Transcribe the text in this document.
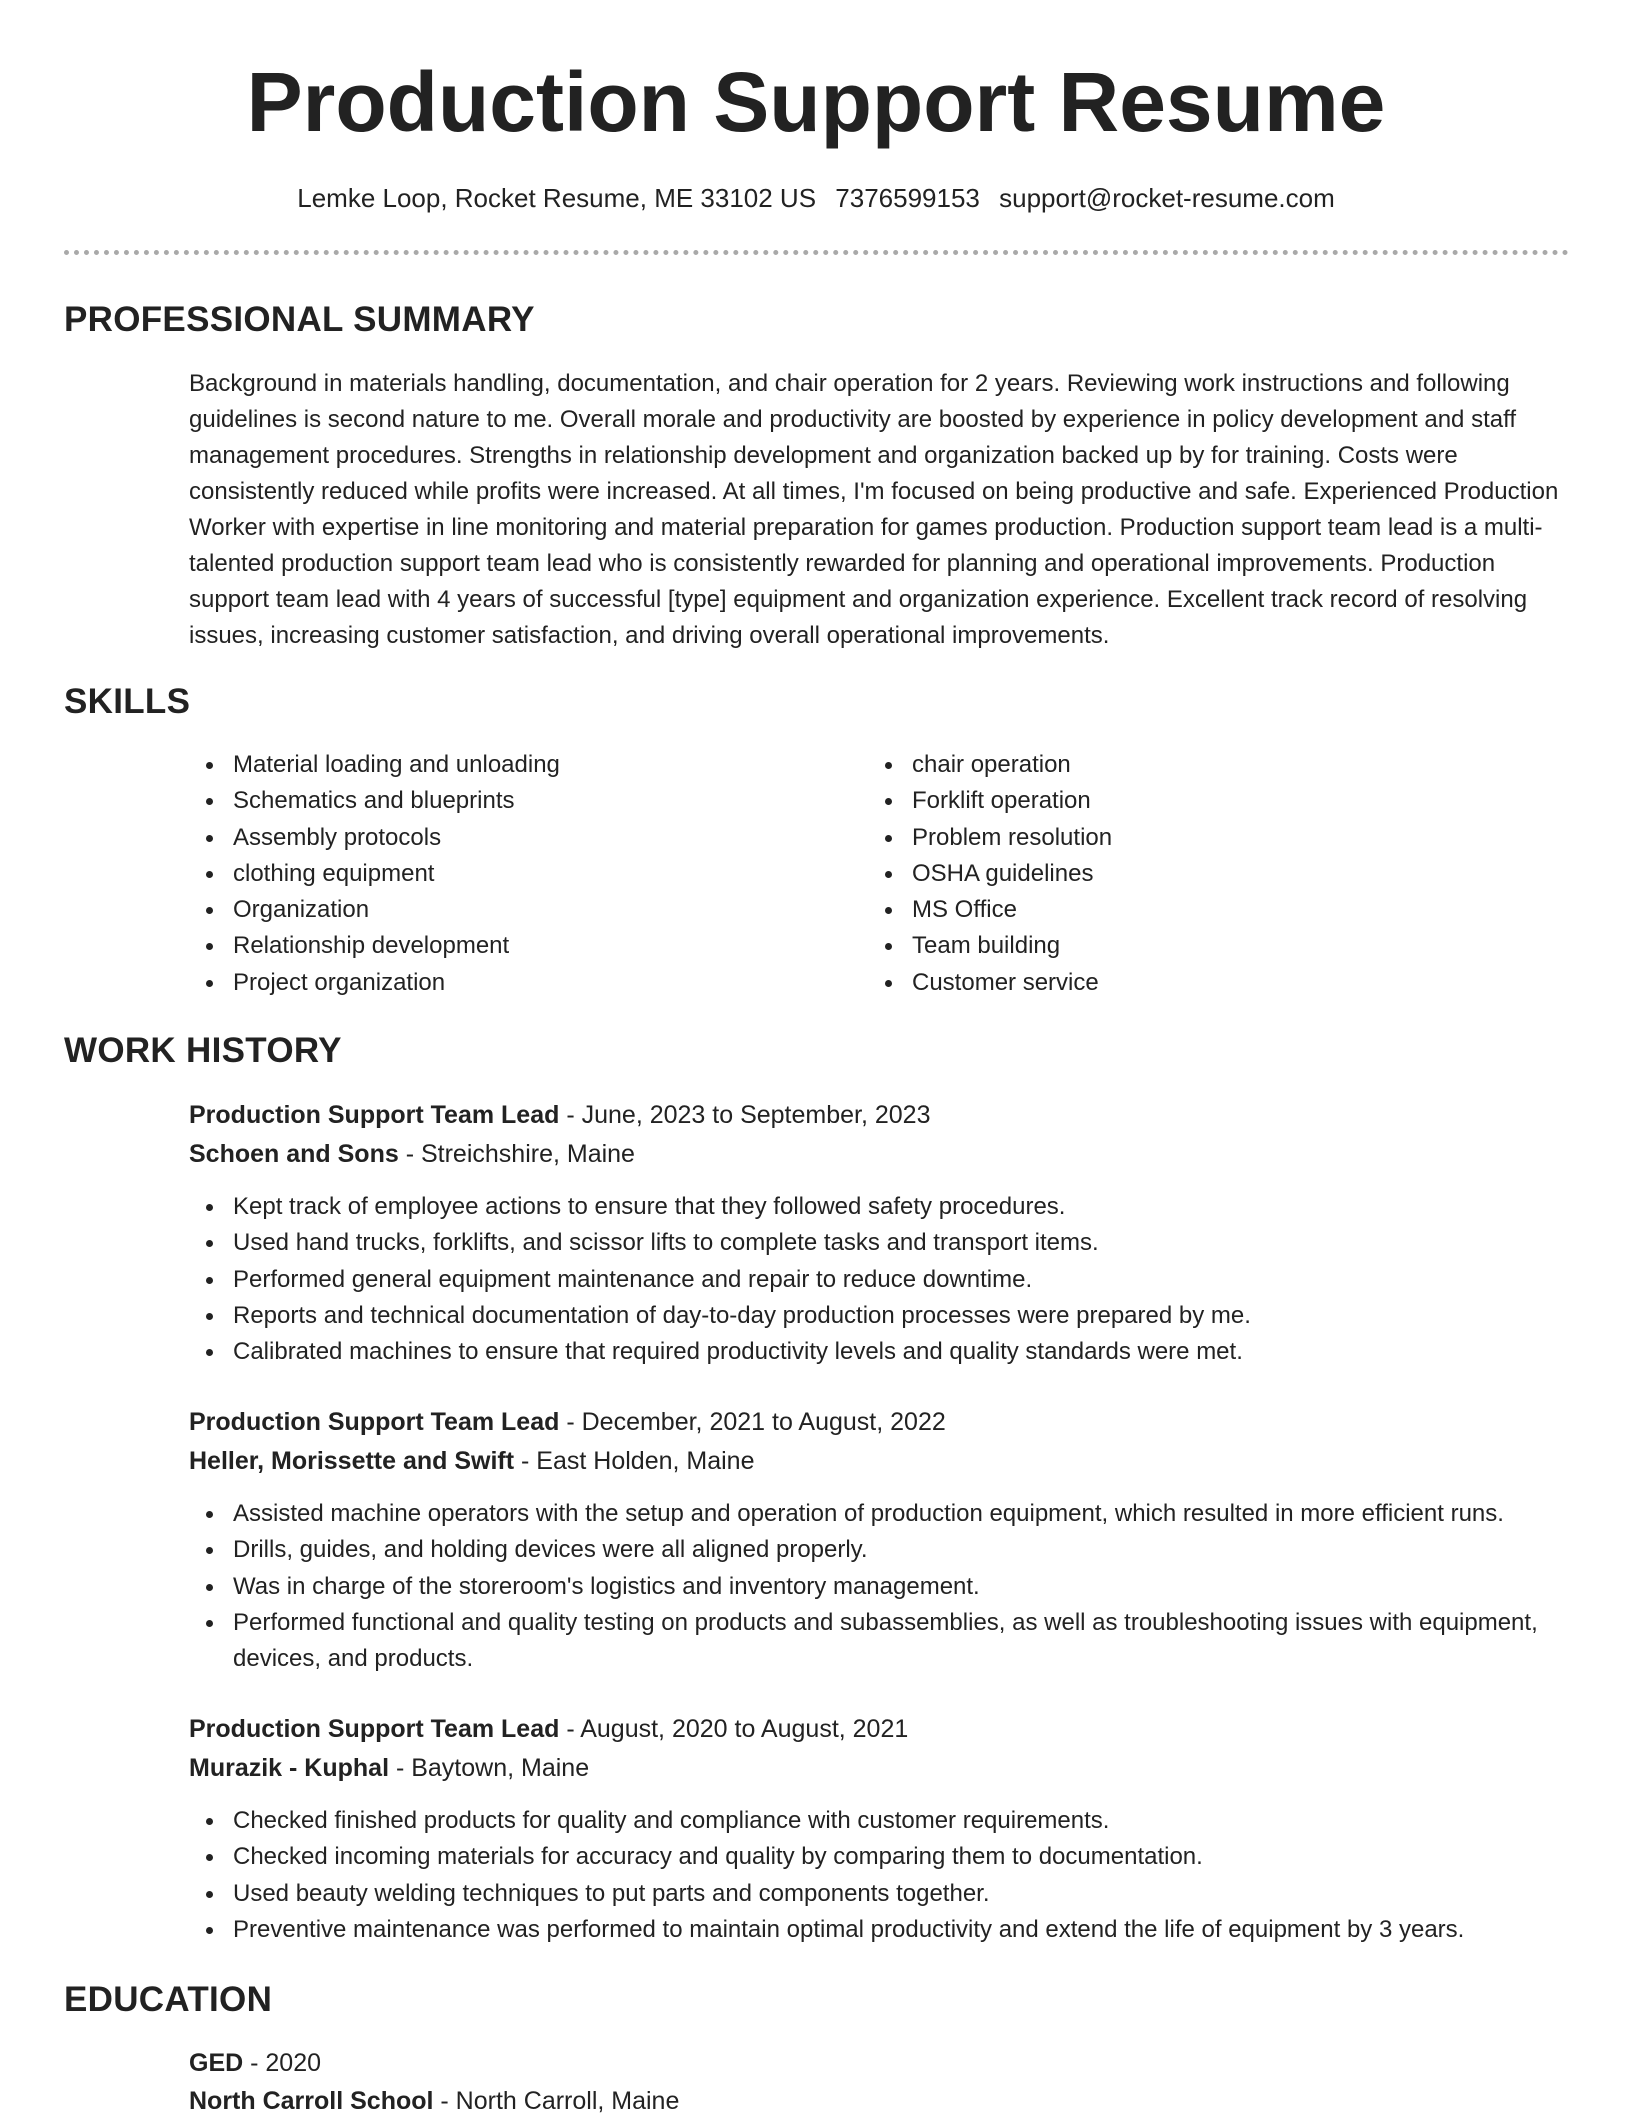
Production Support Resume
Lemke Loop, Rocket Resume, ME 33102 US 7376599153 support@rocket-resume.com
PROFESSIONAL SUMMARY
Background in materials handling, documentation, and chair operation for 2 years. Reviewing work instructions and following guidelines is second nature to me. Overall morale and productivity are boosted by experience in policy development and staff management procedures. Strengths in relationship development and organization backed up by for training. Costs were consistently reduced while profits were increased. At all times, I'm focused on being productive and safe. Experienced Production Worker with expertise in line monitoring and material preparation for games production. Production support team lead is a multi-talented production support team lead who is consistently rewarded for planning and operational improvements. Production support team lead with 4 years of successful [type] equipment and organization experience. Excellent track record of resolving issues, increasing customer satisfaction, and driving overall operational improvements.
SKILLS
Material loading and unloading
Schematics and blueprints
Assembly protocols
clothing equipment
Organization
Relationship development
Project organization
chair operation
Forklift operation
Problem resolution
OSHA guidelines
MS Office
Team building
Customer service
WORK HISTORY
Production Support Team Lead - June, 2023 to September, 2023
Schoen and Sons - Streichshire, Maine
Kept track of employee actions to ensure that they followed safety procedures.
Used hand trucks, forklifts, and scissor lifts to complete tasks and transport items.
Performed general equipment maintenance and repair to reduce downtime.
Reports and technical documentation of day-to-day production processes were prepared by me.
Calibrated machines to ensure that required productivity levels and quality standards were met.
Production Support Team Lead - December, 2021 to August, 2022
Heller, Morissette and Swift - East Holden, Maine
Assisted machine operators with the setup and operation of production equipment, which resulted in more efficient runs.
Drills, guides, and holding devices were all aligned properly.
Was in charge of the storeroom's logistics and inventory management.
Performed functional and quality testing on products and subassemblies, as well as troubleshooting issues with equipment, devices, and products.
Production Support Team Lead - August, 2020 to August, 2021
Murazik - Kuphal - Baytown, Maine
Checked finished products for quality and compliance with customer requirements.
Checked incoming materials for accuracy and quality by comparing them to documentation.
Used beauty welding techniques to put parts and components together.
Preventive maintenance was performed to maintain optimal productivity and extend the life of equipment by 3 years.
EDUCATION
GED - 2020
North Carroll School - North Carroll, Maine
